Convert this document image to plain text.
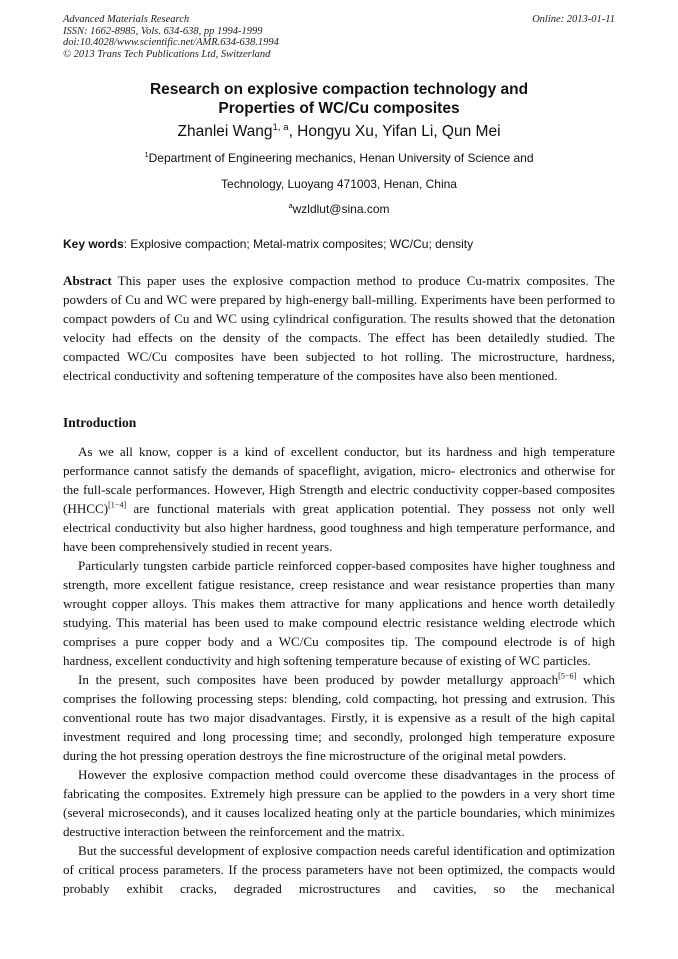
Advanced Materials Research
ISSN: 1662-8985, Vols. 634-638, pp 1994-1999
doi:10.4028/www.scientific.net/AMR.634-638.1994
© 2013 Trans Tech Publications Ltd, Switzerland
Online: 2013-01-11
Research on explosive compaction technology and
Properties of WC/Cu composites
Zhanlei Wang$^{1, a}$, Hongyu Xu, Yifan Li, Qun Mei
$^1$Department of Engineering mechanics, Henan University of Science and
Technology, Luoyang 471003, Henan, China
$^a$wzldlut@sina.com
Key words: Explosive compaction; Metal-matrix composites; WC/Cu; density

Abstract This paper uses the explosive compaction method to produce Cu-matrix composites. The powders of Cu and WC were prepared by high-energy ball-milling. Experiments have been performed to compact powders of Cu and WC using cylindrical configuration. The results showed that the detonation velocity had effects on the density of the compacts. The effect has been detailedly studied. The compacted WC/Cu composites have been subjected to hot rolling. The microstructure, hardness, electrical conductivity and softening temperature of the composites have also been mentioned.

Introduction

As we all know, copper is a kind of excellent conductor, but its hardness and high temperature performance cannot satisfy the demands of spaceflight, avigation, micro- electronics and otherwise for the full-scale performances. However, High Strength and electric conductivity copper-based composites (HHCC)[1−4] are functional materials with great application potential. They possess not only well electrical conductivity but also higher hardness, good toughness and high temperature performance, and have been comprehensively studied in recent years.

Particularly tungsten carbide particle reinforced copper-based composites have higher toughness and strength, more excellent fatigue resistance, creep resistance and wear resistance properties than many wrought copper alloys. This makes them attractive for many applications and hence worth detailedly studying. This material has been used to make compound electric resistance welding electrode which comprises a pure copper body and a WC/Cu composites tip. The compound electrode is of high hardness, excellent conductivity and high softening temperature because of existing of WC particles.

In the present, such composites have been produced by powder metallurgy approach[5−6] which comprises the following processing steps: blending, cold compacting, hot pressing and extrusion. This conventional route has two major disadvantages. Firstly, it is expensive as a result of the high capital investment required and long processing time; and secondly, prolonged high temperature exposure during the hot pressing operation destroys the fine microstructure of the original metal powders.

However the explosive compaction method could overcome these disadvantages in the process of fabricating the composites. Extremely high pressure can be applied to the powders in a very short time (several microseconds), and it causes localized heating only at the particle boundaries, which minimizes destructive interaction between the reinforcement and the matrix.

But the successful development of explosive compaction needs careful identification and optimization of critical process parameters. If the process parameters have not been optimized, the compacts would probably exhibit cracks, degraded microstructures and cavities, so the mechanical
